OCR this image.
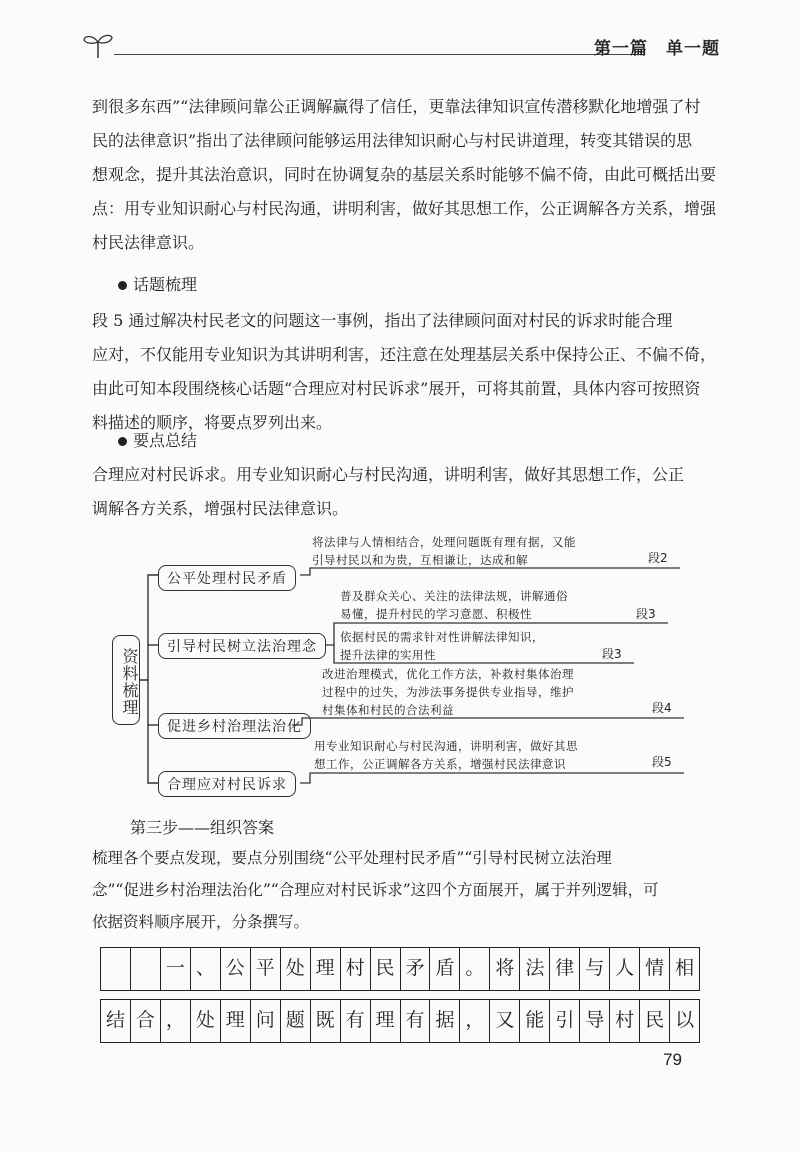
第一篇　单一题
到很多东西”“法律顾问靠公正调解赢得了信任，更靠法律知识宣传潜移默化地增强了村
民的法律意识”指出了法律顾问能够运用法律知识耐心与村民讲道理，转变其错误的思
想观念，提升其法治意识，同时在协调复杂的基层关系时能够不偏不倚，由此可概括出要
点：用专业知识耐心与村民沟通，讲明利害，做好其思想工作，公正调解各方关系，增强
村民法律意识。
话题梳理
段 5 通过解决村民老文的问题这一事例，指出了法律顾问面对村民的诉求时能合理
应对，不仅能用专业知识为其讲明利害，还注意在处理基层关系中保持公正、不偏不倚，
由此可知本段围绕核心话题“合理应对村民诉求”展开，可将其前置，具体内容可按照资
料描述的顺序，将要点罗列出来。
要点总结
合理应对村民诉求。用专业知识耐心与村民沟通，讲明利害，做好其思想工作，公正
调解各方关系，增强村民法律意识。
资料梳理
公平处理村民矛盾
将法律与人情相结合，处理问题既有理有据，又能
引导村民以和为贵，互相谦让，达成和解	段2
引导村民树立法治理念
普及群众关心、关注的法律法规，讲解通俗
易懂，提升村民的学习意愿、积极性	段3
依据村民的需求针对性讲解法律知识，
提升法律的实用性	段3
促进乡村治理法治化
改进治理模式，优化工作方法，补救村集体治理
过程中的过失，为涉法事务提供专业指导，维护
村集体和村民的合法利益	段4
合理应对村民诉求
用专业知识耐心与村民沟通，讲明利害，做好其思
想工作，公正调解各方关系，增强村民法律意识	段5
第三步——组织答案
梳理各个要点发现，要点分别围绕“公平处理村民矛盾”“引导村民树立法治理
念”“促进乡村治理法治化”“合理应对村民诉求”这四个方面展开，属于并列逻辑，可
依据资料顺序展开，分条撰写。
一 、 公 平 处 理 村 民 矛 盾 。 将 法 律 与 人 情 相
结 合 ， 处 理 问 题 既 有 理 有 据 ， 又 能 引 导 村 民 以
79
